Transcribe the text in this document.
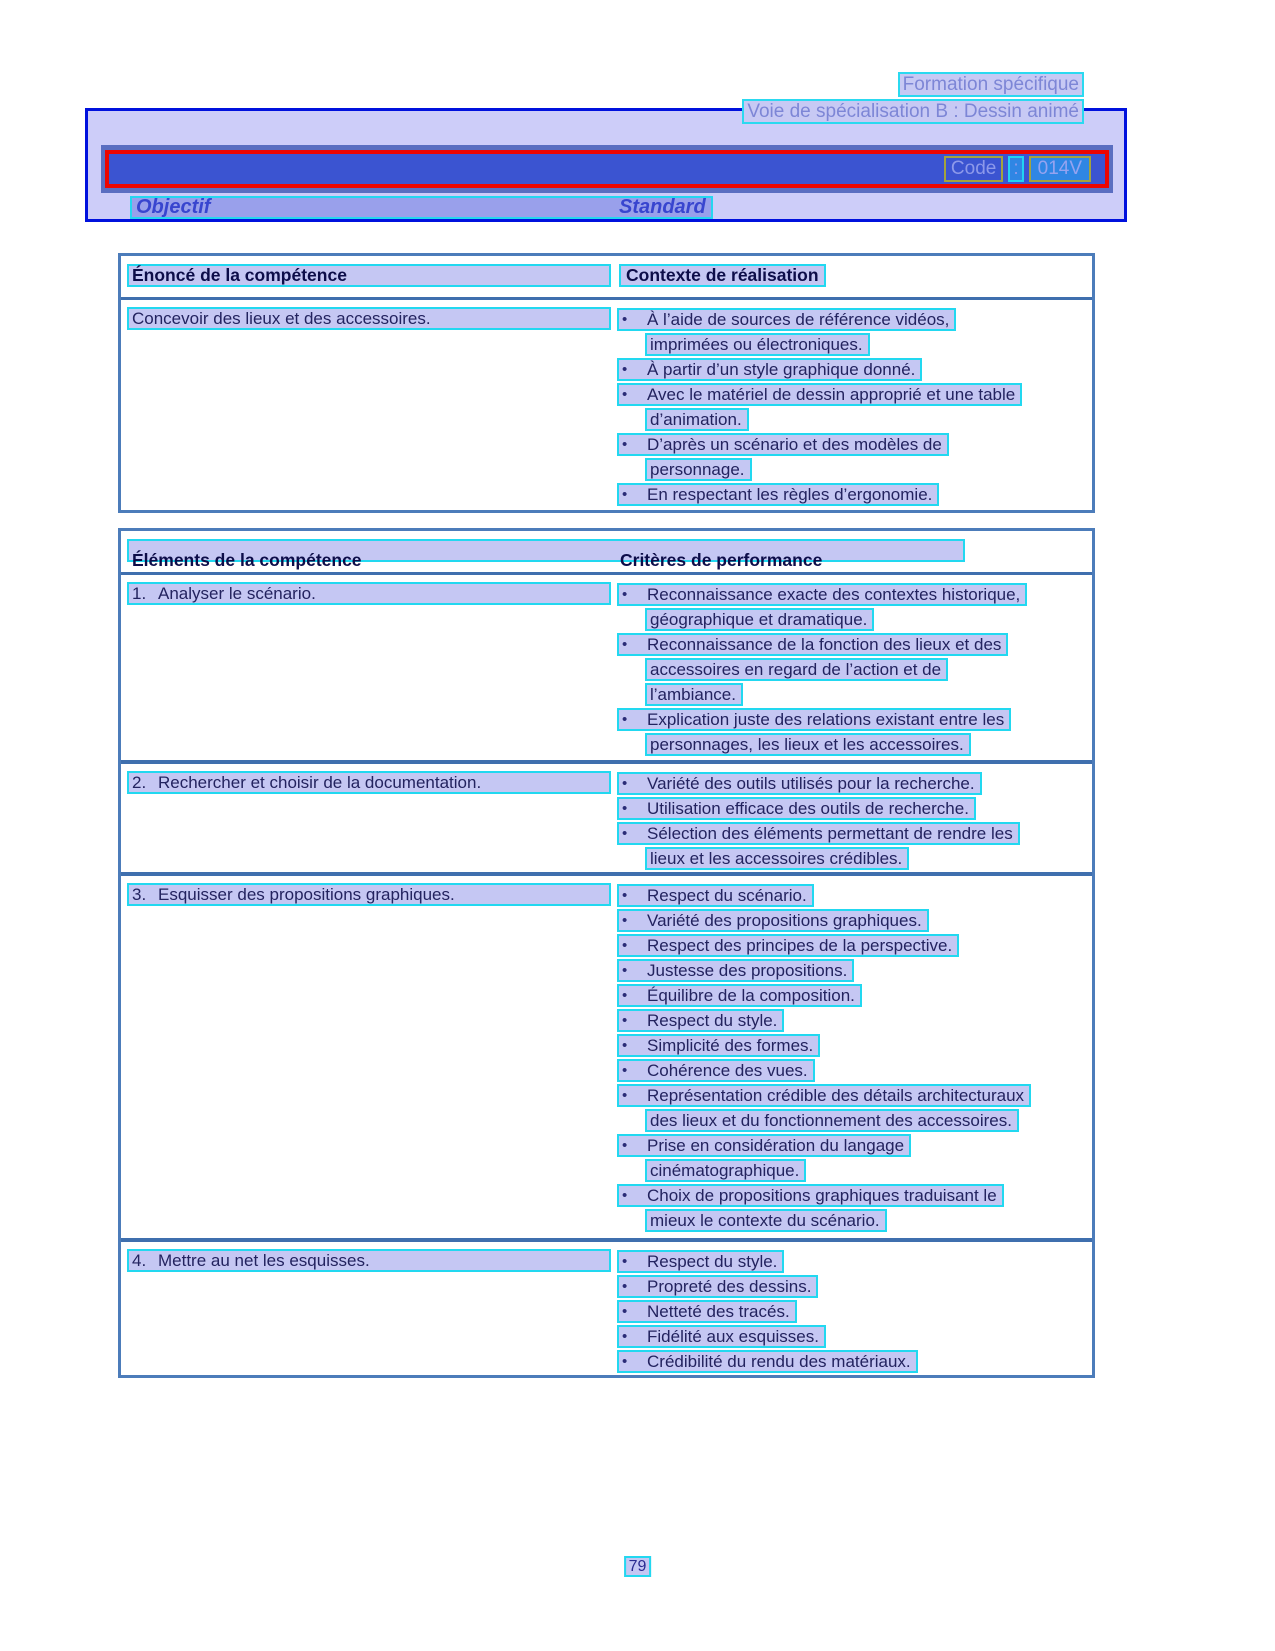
Formation spécifique
Voie de spécialisation B : Dessin animé
Code :	014V
Objectif	Standard
Énoncé de la compétence	Contexte de réalisation
Concevoir des lieux et des accessoires.	•	À l’aide de sources de référence vidéos,
imprimées ou électroniques.
•	À partir d’un style graphique donné.
•	Avec le matériel de dessin approprié et une table
d’animation.
•	D’après un scénario et des modèles de
personnage.
•	En respectant les règles d’ergonomie.
Éléments de la compétence	Critères de performance
1. Analyser le scénario.	•	Reconnaissance exacte des contextes historique,
géographique et dramatique.
•	Reconnaissance de la fonction des lieux et des
accessoires en regard de l’action et de
l’ambiance.
•	Explication juste des relations existant entre les
personnages, les lieux et les accessoires.
2. Rechercher et choisir de la documentation.	•	Variété des outils utilisés pour la recherche.
•	Utilisation efficace des outils de recherche.
•	Sélection des éléments permettant de rendre les
lieux et les accessoires crédibles.
3. Esquisser des propositions graphiques.	•	Respect du scénario.
•	Variété des propositions graphiques.
•	Respect des principes de la perspective.
•	Justesse des propositions.
•	Équilibre de la composition.
•	Respect du style.
•	Simplicité des formes.
•	Cohérence des vues.
•	Représentation crédible des détails architecturaux
des lieux et du fonctionnement des accessoires.
•	Prise en considération du langage
cinématographique.
•	Choix de propositions graphiques traduisant le
mieux le contexte du scénario.
4. Mettre au net les esquisses.	•	Respect du style.
•	Propreté des dessins.
•	Netteté des tracés.
•	Fidélité aux esquisses.
•	Crédibilité du rendu des matériaux.
79
